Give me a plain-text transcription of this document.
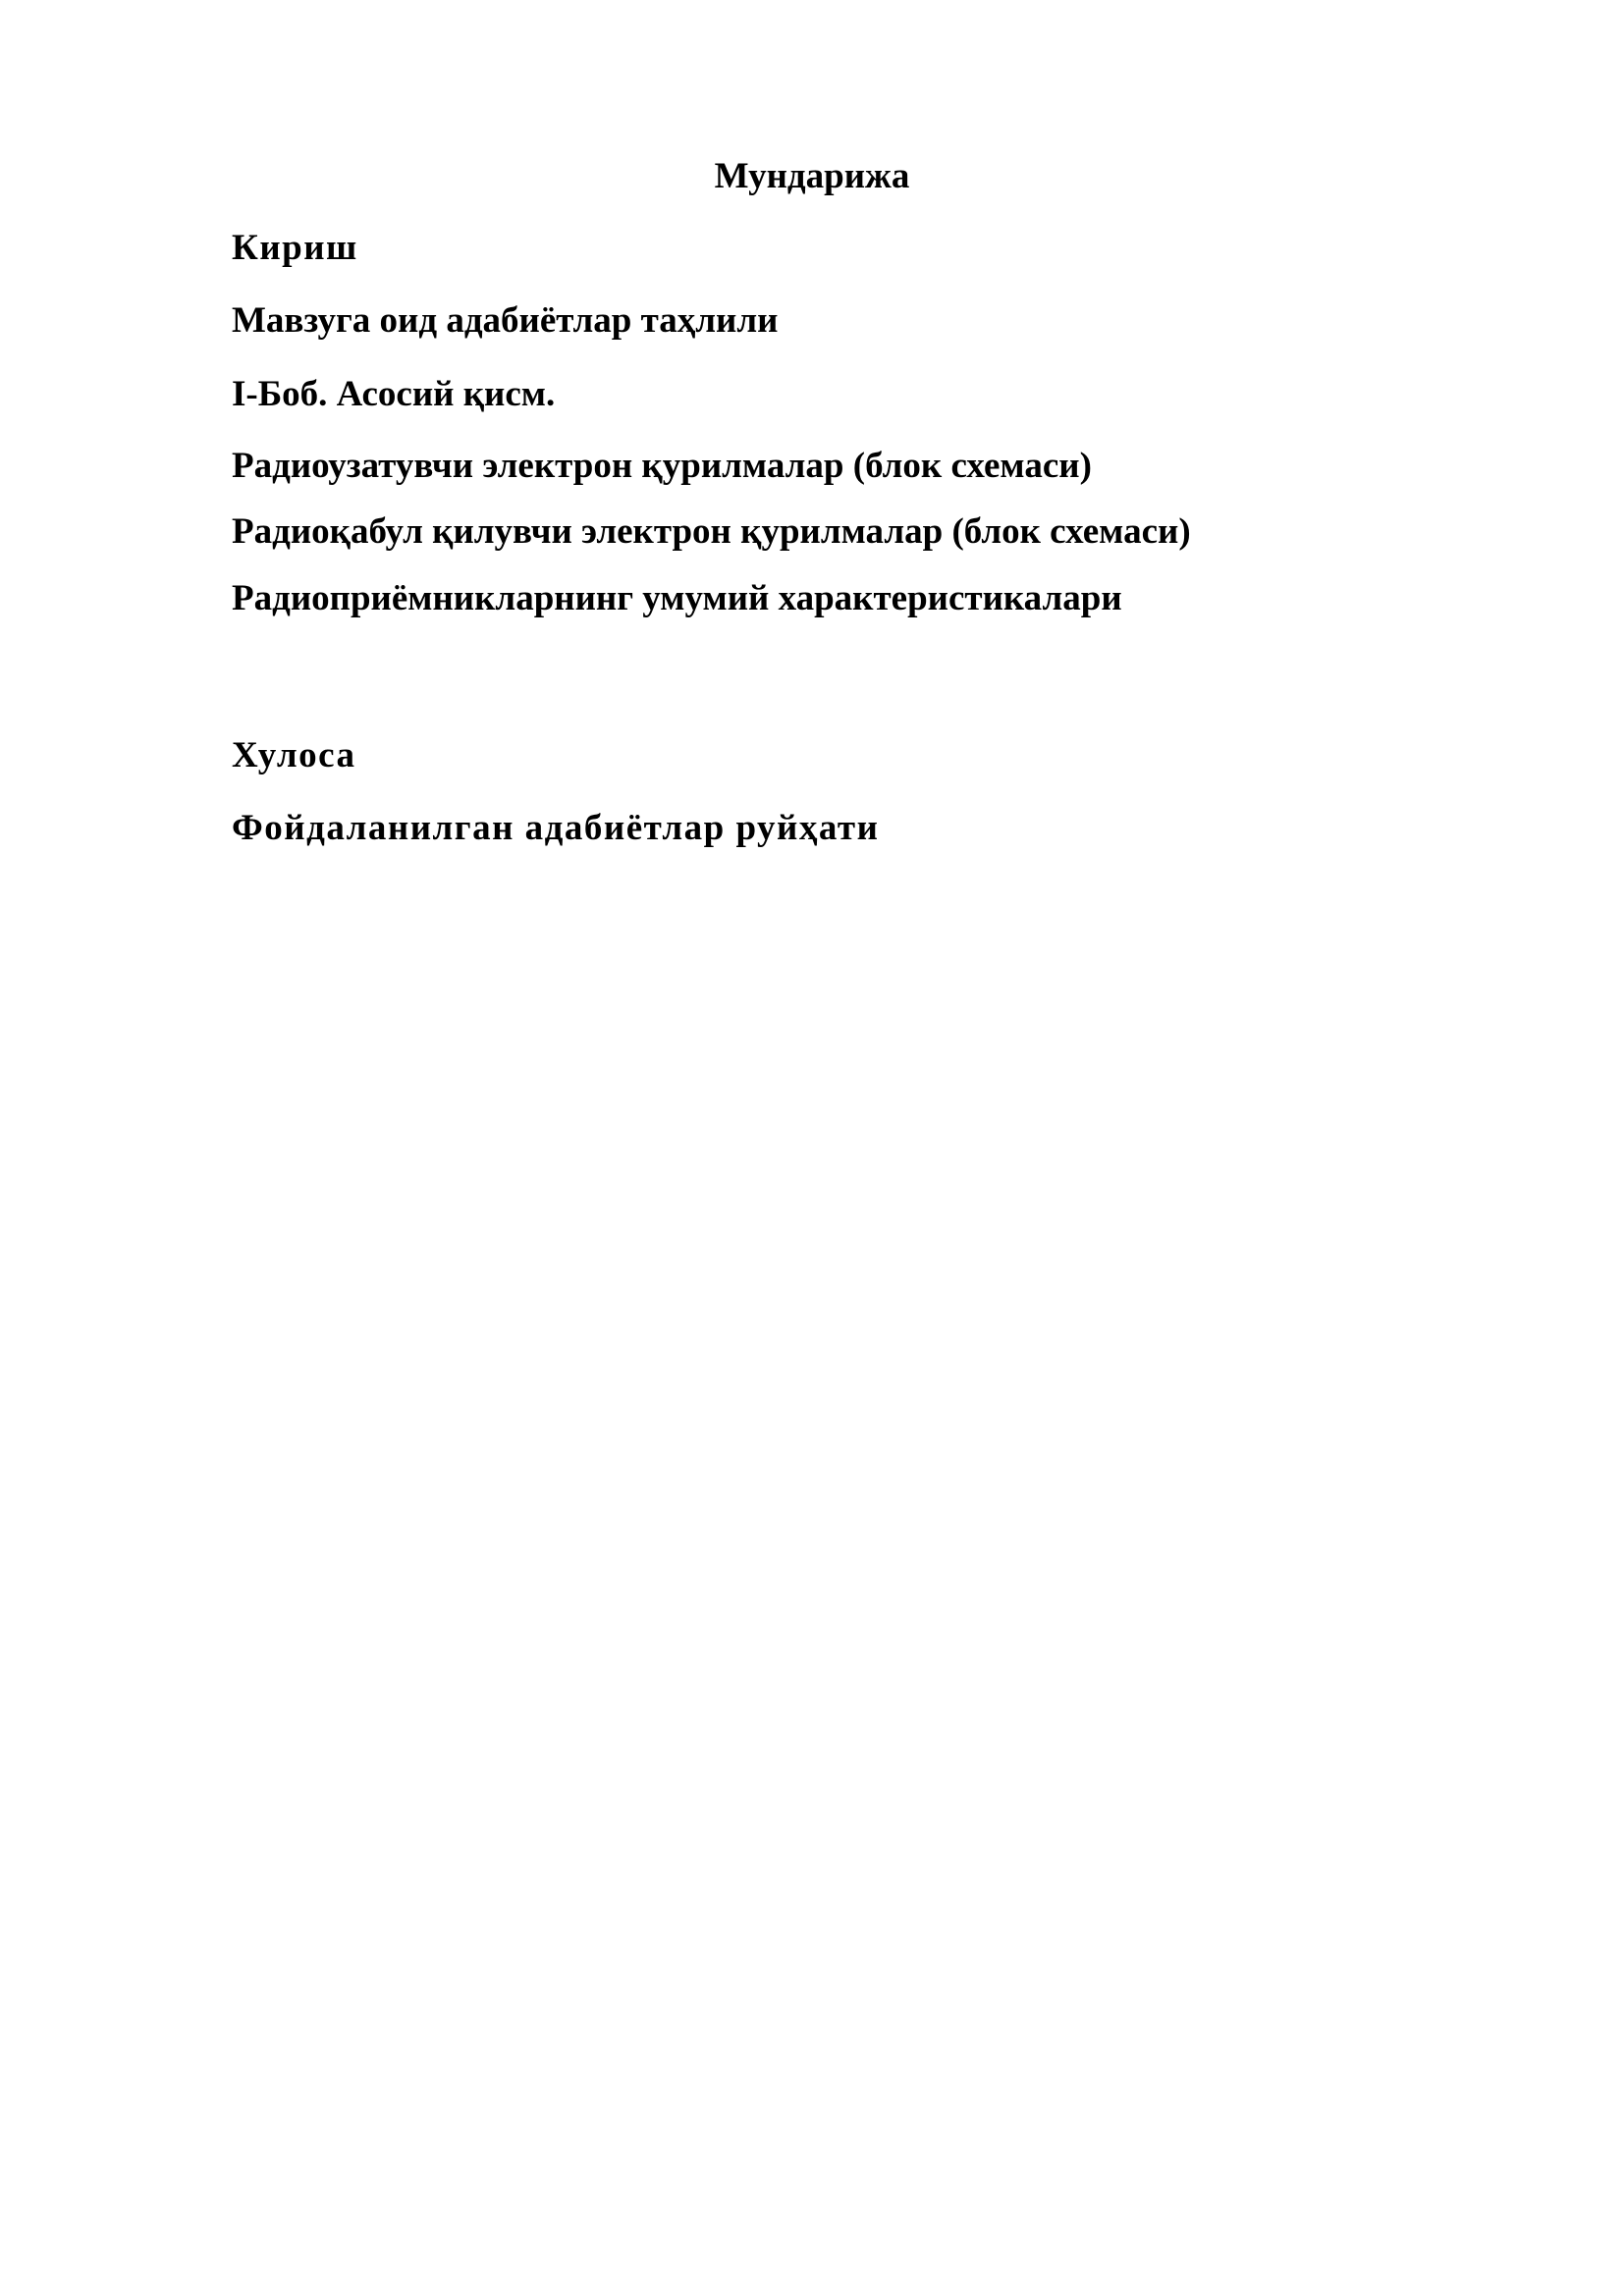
Мундарижа
Кириш
Мавзуга оид адабиётлар таҳлили
I-Боб. Асосий қисм.
Радиоузатувчи электрон қурилмалар (блок схемаси)
Радиоқабул қилувчи электрон қурилмалар (блок схемаси)
Радиоприёмникларнинг умумий характеристикалари
Хулоса
Фойдаланилган адабиётлар руйҳати
